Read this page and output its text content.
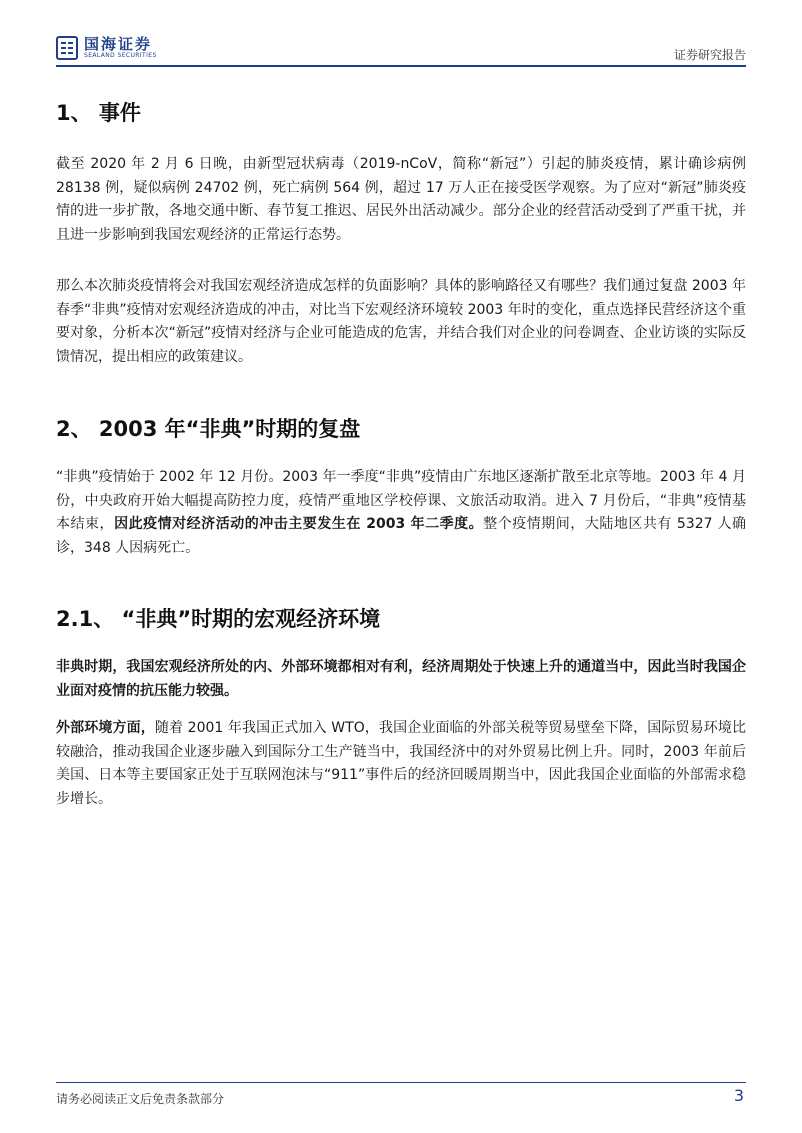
国海证券
SEALAND SECURITIES	证券研究报告
1、 事件

截至 2020 年 2 月 6 日晚，由新型冠状病毒（2019-nCoV，简称“新冠”）引起的肺炎疫情，累计确诊病例 28138 例，疑似病例 24702 例，死亡病例 564 例，超过 17 万人正在接受医学观察。为了应对“新冠”肺炎疫情的进一步扩散，各地交通中断、春节复工推迟、居民外出活动减少。部分企业的经营活动受到了严重干扰，并且进一步影响到我国宏观经济的正常运行态势。

那么本次肺炎疫情将会对我国宏观经济造成怎样的负面影响？具体的影响路径又有哪些？我们通过复盘 2003 年春季“非典”疫情对宏观经济造成的冲击，对比当下宏观经济环境较 2003 年时的变化，重点选择民营经济这个重要对象，分析本次“新冠”疫情对经济与企业可能造成的危害，并结合我们对企业的问卷调查、企业访谈的实际反馈情况，提出相应的政策建议。

2、 2003 年“非典”时期的复盘

“非典”疫情始于 2002 年 12 月份。2003 年一季度“非典”疫情由广东地区逐渐扩散至北京等地。2003 年 4 月份，中央政府开始大幅提高防控力度，疫情严重地区学校停课、文旅活动取消。进入 7 月份后，“非典”疫情基本结束，因此疫情对经济活动的冲击主要发生在 2003 年二季度。整个疫情期间，大陆地区共有 5327 人确诊，348 人因病死亡。

2.1、 “非典”时期的宏观经济环境

非典时期，我国宏观经济所处的内、外部环境都相对有利，经济周期处于快速上升的通道当中，因此当时我国企业面对疫情的抗压能力较强。

外部环境方面，随着 2001 年我国正式加入 WTO，我国企业面临的外部关税等贸易壁垒下降，国际贸易环境比较融洽，推动我国企业逐步融入到国际分工生产链当中，我国经济中的对外贸易比例上升。同时，2003 年前后美国、日本等主要国家正处于互联网泡沫与“911”事件后的经济回暖周期当中，因此我国企业面临的外部需求稳步增长。

请务必阅读正文后免责条款部分	3
